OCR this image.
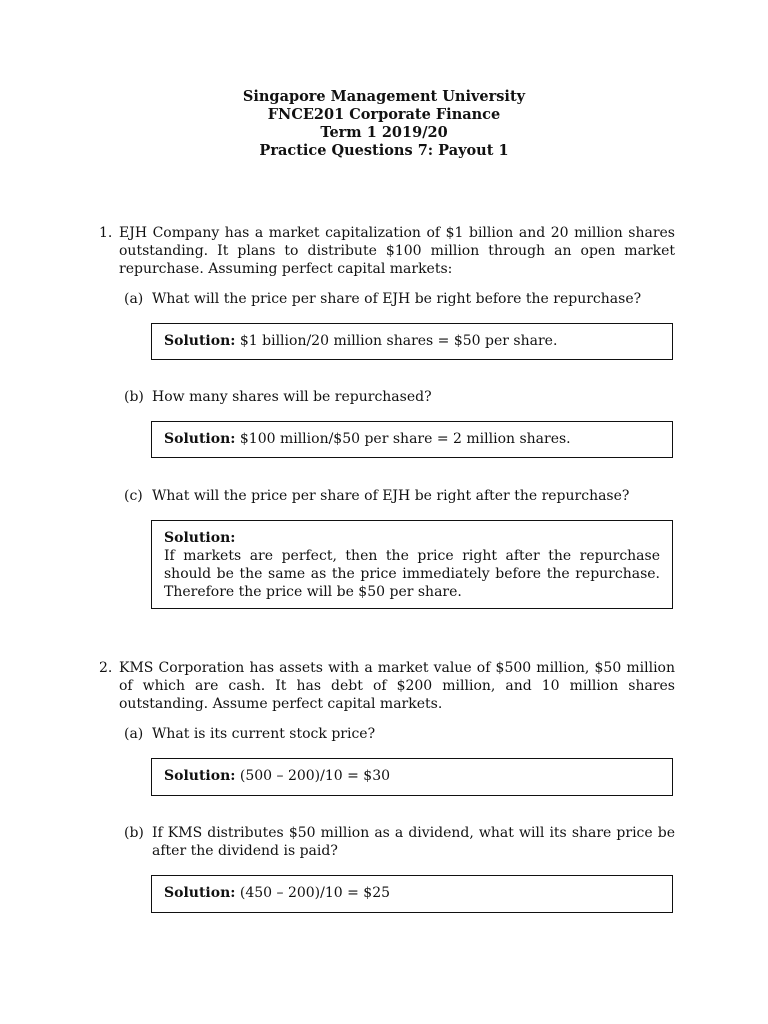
Singapore Management University
FNCE201 Corporate Finance
Term 1 2019/20
Practice Questions 7: Payout 1
1. EJH Company has a market capitalization of $1 billion and 20 million shares outstanding. It plans to distribute $100 million through an open market repurchase. Assuming perfect capital markets:
(a) What will the price per share of EJH be right before the repurchase?
Solution: $1 billion/20 million shares = $50 per share.
(b) How many shares will be repurchased?
Solution: $100 million/$50 per share = 2 million shares.
(c) What will the price per share of EJH be right after the repurchase?
Solution:
If markets are perfect, then the price right after the repurchase should be the same as the price immediately before the repurchase. Therefore the price will be $50 per share.
2. KMS Corporation has assets with a market value of $500 million, $50 million of which are cash. It has debt of $200 million, and 10 million shares outstanding. Assume perfect capital markets.
(a) What is its current stock price?
Solution: (500 – 200)/10 = $30
(b) If KMS distributes $50 million as a dividend, what will its share price be after the dividend is paid?
Solution: (450 – 200)/10 = $25
